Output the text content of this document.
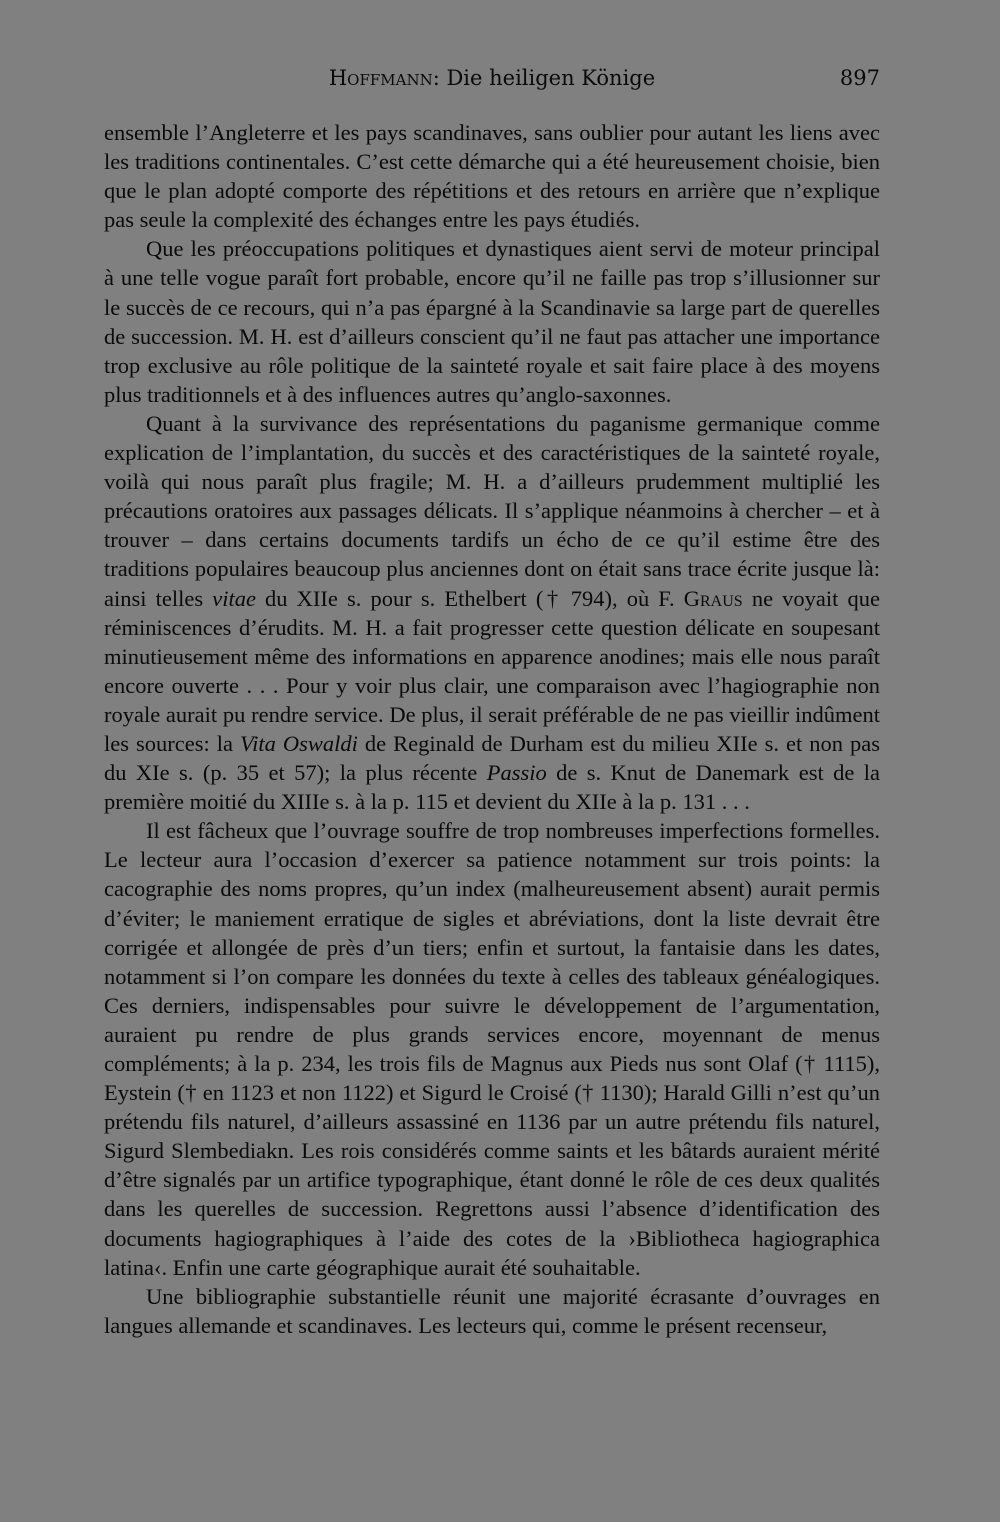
Hoffmann: Die heiligen Könige	897

ensemble l’Angleterre et les pays scandinaves, sans oublier pour autant les liens avec les traditions continentales. C’est cette démarche qui a été heureusement choisie, bien que le plan adopté comporte des répétitions et des retours en arrière que n’explique pas seule la complexité des échanges entre les pays étudiés.

Que les préoccupations politiques et dynastiques aient servi de moteur principal à une telle vogue paraît fort probable, encore qu’il ne faille pas trop s’illusionner sur le succès de ce recours, qui n’a pas épargné à la Scandinavie sa large part de querelles de succession. M. H. est d’ailleurs conscient qu’il ne faut pas attacher une importance trop exclusive au rôle politique de la sainteté royale et sait faire place à des moyens plus traditionnels et à des influences autres qu’anglo-saxonnes.

Quant à la survivance des représentations du paganisme germanique comme explication de l’implantation, du succès et des caractéristiques de la sainteté royale, voilà qui nous paraît plus fragile; M. H. a d’ailleurs prudemment multiplié les précautions oratoires aux passages délicats. Il s’applique néanmoins à chercher – et à trouver – dans certains documents tardifs un écho de ce qu’il estime être des traditions populaires beaucoup plus anciennes dont on était sans trace écrite jusque là: ainsi telles vitae du XIIe s. pour s. Ethelbert († 794), où F. Graus ne voyait que réminiscences d’érudits. M. H. a fait progresser cette question délicate en soupesant minutieusement même des informations en apparence anodines; mais elle nous paraît encore ouverte . . . Pour y voir plus clair, une comparaison avec l’hagiographie non royale aurait pu rendre service. De plus, il serait préférable de ne pas vieillir indûment les sources: la Vita Oswaldi de Reginald de Durham est du milieu XIIe s. et non pas du XIe s. (p. 35 et 57); la plus récente Passio de s. Knut de Danemark est de la première moitié du XIIIe s. à la p. 115 et devient du XIIe à la p. 131 . . .

Il est fâcheux que l’ouvrage souffre de trop nombreuses imperfections formelles. Le lecteur aura l’occasion d’exercer sa patience notamment sur trois points: la cacographie des noms propres, qu’un index (malheureusement absent) aurait permis d’éviter; le maniement erratique de sigles et abréviations, dont la liste devrait être corrigée et allongée de près d’un tiers; enfin et surtout, la fantaisie dans les dates, notamment si l’on compare les données du texte à celles des tableaux généalogiques. Ces derniers, indispensables pour suivre le développement de l’argumentation, auraient pu rendre de plus grands services encore, moyennant de menus compléments; à la p. 234, les trois fils de Magnus aux Pieds nus sont Olaf († 1115), Eystein († en 1123 et non 1122) et Sigurd le Croisé († 1130); Harald Gilli n’est qu’un prétendu fils naturel, d’ailleurs assassiné en 1136 par un autre prétendu fils naturel, Sigurd Slembediakn. Les rois considérés comme saints et les bâtards auraient mérité d’être signalés par un artifice typographique, étant donné le rôle de ces deux qualités dans les querelles de succession. Regrettons aussi l’absence d’identification des documents hagiographiques à l’aide des cotes de la ›Bibliotheca hagiographica latina‹. Enfin une carte géographique aurait été souhaitable.

Une bibliographie substantielle réunit une majorité écrasante d’ouvrages en langues allemande et scandinaves. Les lecteurs qui, comme le présent recenseur,
